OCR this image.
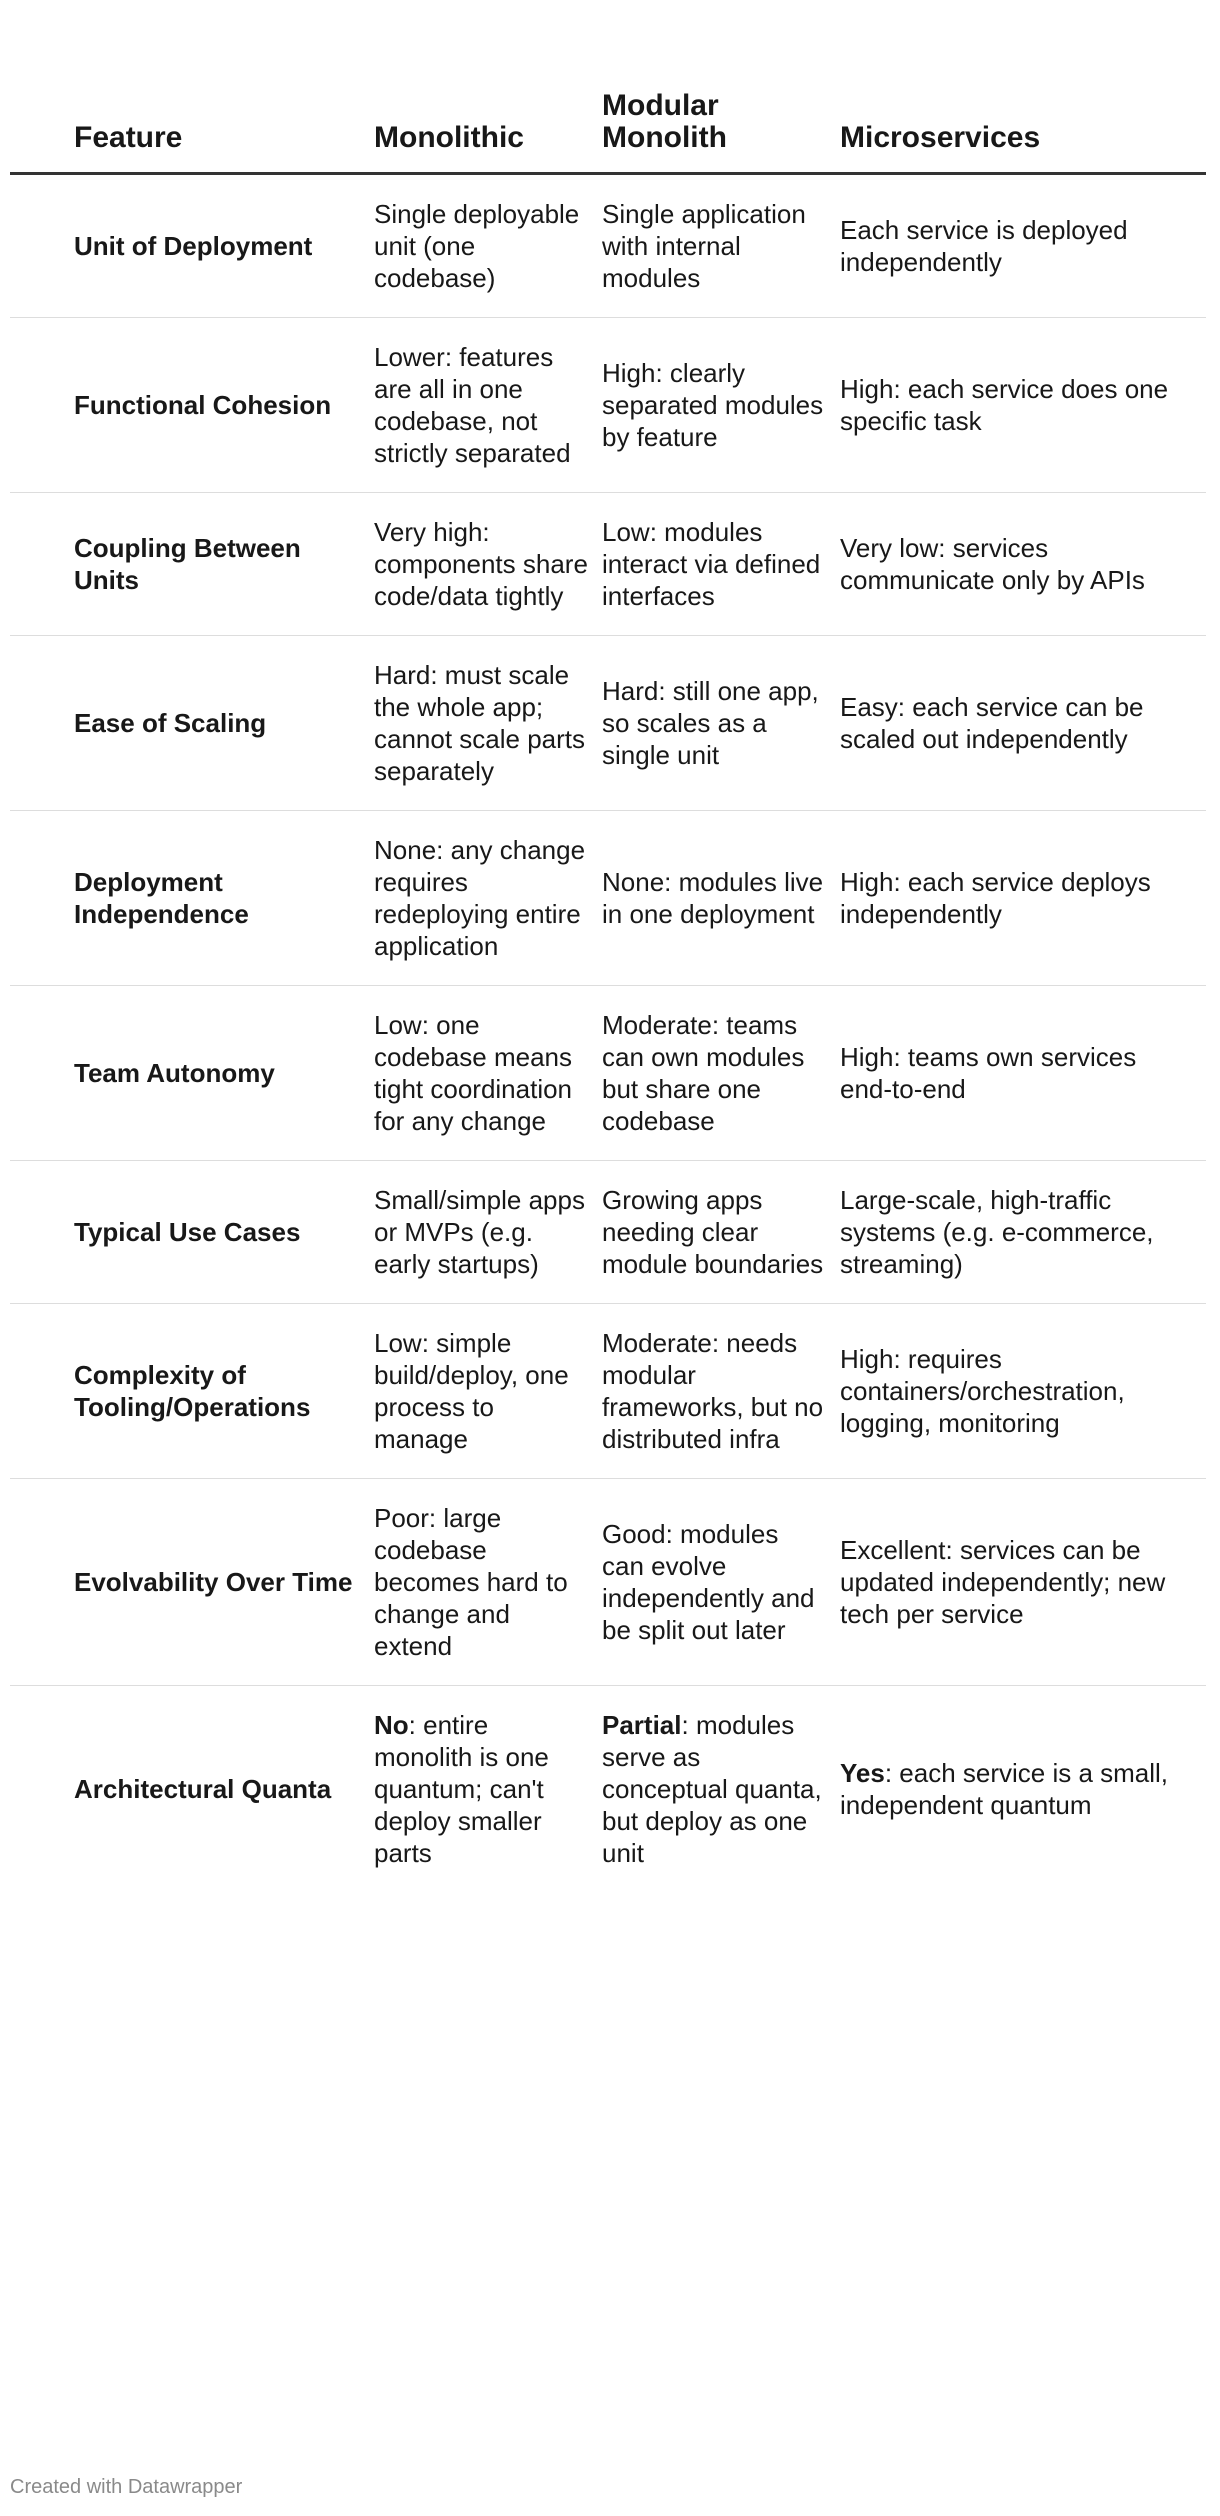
Feature	Monolithic
Modular Monolith	Microservices
Unit of Deployment
Single deployable unit (one codebase)
Single application with internal modules
Each service is deployed independently
Functional Cohesion
Lower: features are all in one codebase, not strictly separated
High: clearly separated modules by feature
High: each service does one specific task
Coupling Between Units
Very high: components share code/data tightly
Low: modules interact via defined interfaces
Very low: services communicate only by APIs
Ease of Scaling
Hard: must scale the whole app; cannot scale parts separately
Hard: still one app, so scales as a single unit
Easy: each service can be scaled out independently
Deployment Independence
None: any change requires redeploying entire application
None: modules live in one deployment
High: each service deploys independently
Team Autonomy
Low: one codebase means tight coordination for any change
Moderate: teams can own modules but share one codebase
High: teams own services end-to-end
Typical Use Cases
Small/simple apps or MVPs (e.g. early startups)
Growing apps needing clear module boundaries
Large-scale, high-traffic systems (e.g. e-commerce, streaming)
Complexity of Tooling/Operations
Low: simple build/deploy, one process to manage
Moderate: needs modular frameworks, but no distributed infra
High: requires containers/orchestration, logging, monitoring
Evolvability Over Time
Poor: large codebase becomes hard to change and extend
Good: modules can evolve independently and be split out later
Excellent: services can be updated independently; new tech per service
Architectural Quanta
No: entire monolith is one quantum; can't deploy smaller parts
Partial: modules serve as conceptual quanta, but deploy as one unit
Yes: each service is a small, independent quantum
Created with Datawrapper
